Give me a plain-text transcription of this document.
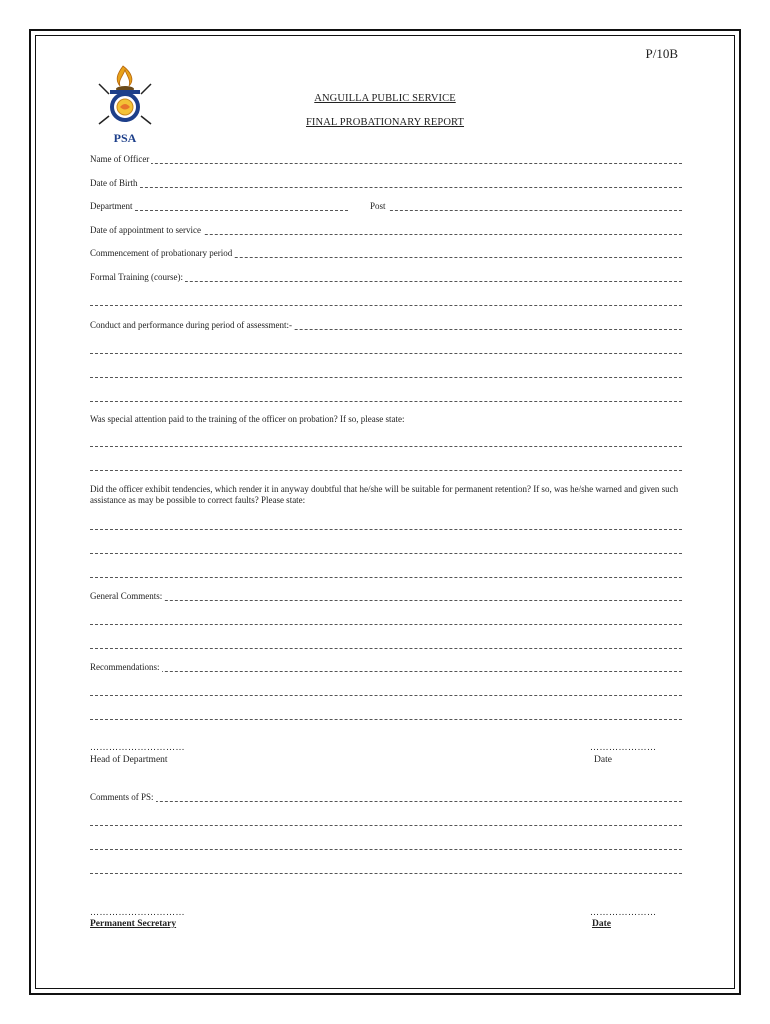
P/10B
PSA
ANGUILLA PUBLIC SERVICE
FINAL PROBATIONARY REPORT
Name of Officer
Date of Birth
Department	Post
Date of appointment to service
Commencement of probationary period
Formal Training (course):
Conduct and performance during period of assessment:-
Was special attention paid to the training of the officer on probation? If so, please state:
Did the officer exhibit tendencies, which render it in anyway doubtful that he/she will be suitable for permanent retention? If so, was he/she warned and given such assistance as may be possible to correct faults? Please state:
General Comments:
Recommendations:
…………………………	…………………
Head of Department	Date
Comments of PS:
…………………………	…………………
Permanent Secretary	Date
